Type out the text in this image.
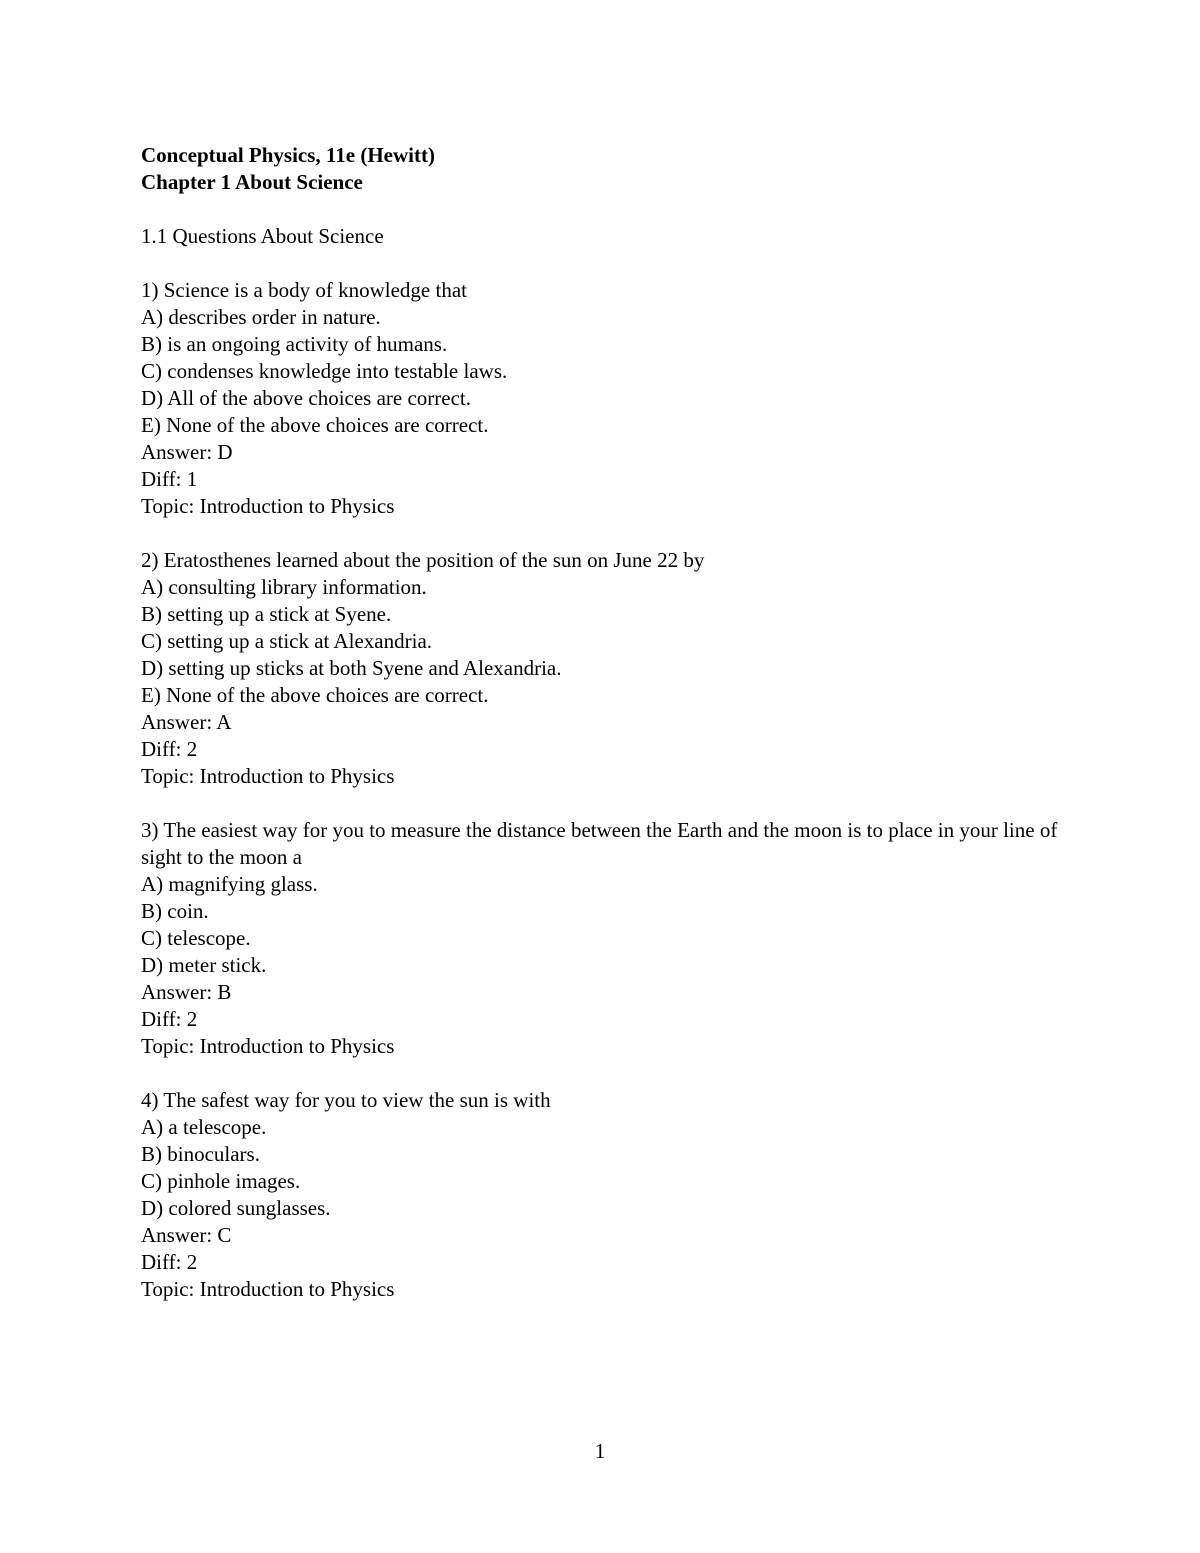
Conceptual Physics, 11e (Hewitt)
Chapter 1 About Science
1.1 Questions About Science
1) Science is a body of knowledge that
A) describes order in nature.
B) is an ongoing activity of humans.
C) condenses knowledge into testable laws.
D) All of the above choices are correct.
E) None of the above choices are correct.
Answer: D
Diff: 1
Topic: Introduction to Physics
2) Eratosthenes learned about the position of the sun on June 22 by
A) consulting library information.
B) setting up a stick at Syene.
C) setting up a stick at Alexandria.
D) setting up sticks at both Syene and Alexandria.
E) None of the above choices are correct.
Answer: A
Diff: 2
Topic: Introduction to Physics
3) The easiest way for you to measure the distance between the Earth and the moon is to place in your line of sight to the moon a
A) magnifying glass.
B) coin.
C) telescope.
D) meter stick.
Answer: B
Diff: 2
Topic: Introduction to Physics
4) The safest way for you to view the sun is with
A) a telescope.
B) binoculars.
C) pinhole images.
D) colored sunglasses.
Answer: C
Diff: 2
Topic: Introduction to Physics
1
